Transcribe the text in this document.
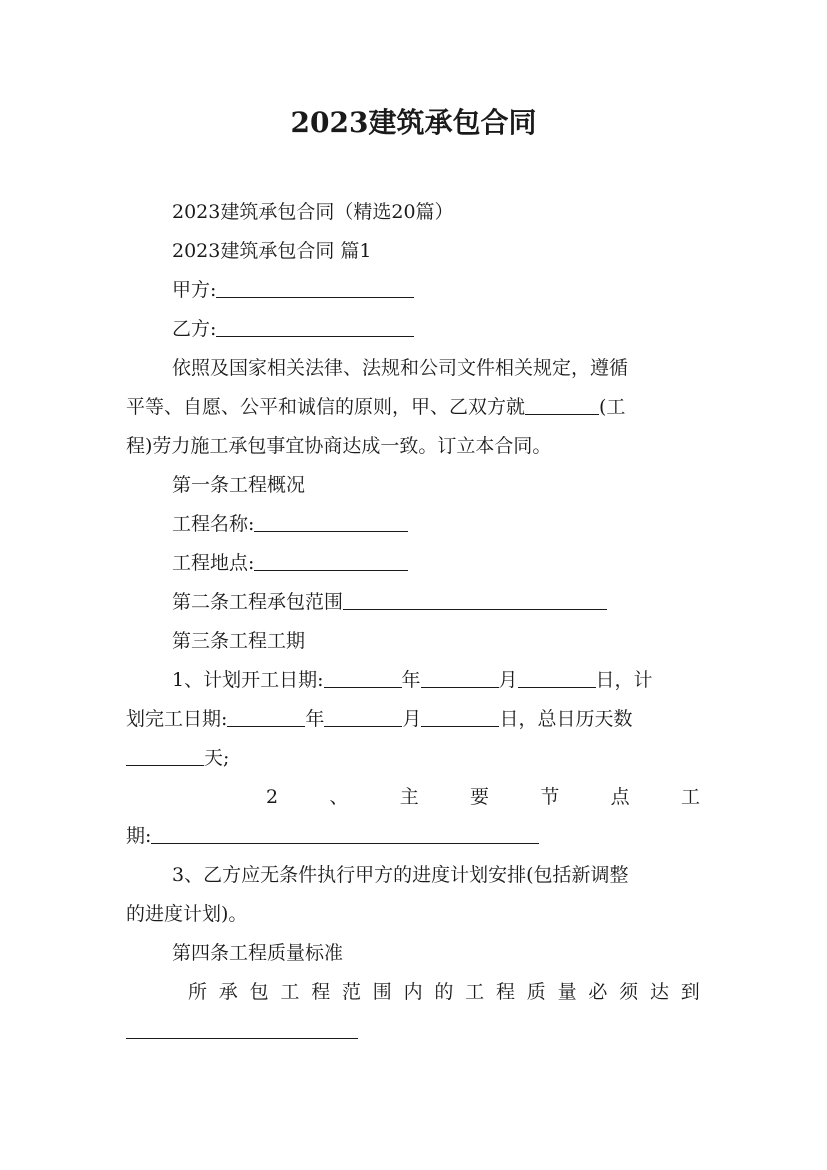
2023建筑承包合同
2023建筑承包合同（精选20篇）
2023建筑承包合同 篇1
甲方:
乙方:
依照及国家相关法律、法规和公司文件相关规定，遵循
平等、自愿、公平和诚信的原则，甲、乙双方就	(工
程)劳力施工承包事宜协商达成一致。订立本合同。
第一条工程概况
工程名称:
工程地点:
第二条工程承包范围
第三条工程工期
1、计划开工日期:	年	月	日，计
划完工日期:	年	月	日，总日历天数
天;
2	、	主	要	节	点	工
期:
3、乙方应无条件执行甲方的进度计划安排(包括新调整
的进度计划)。
第四条工程质量标准
所 承 包 工 程 范 围 内 的 工 程 质 量 必 须 达 到
